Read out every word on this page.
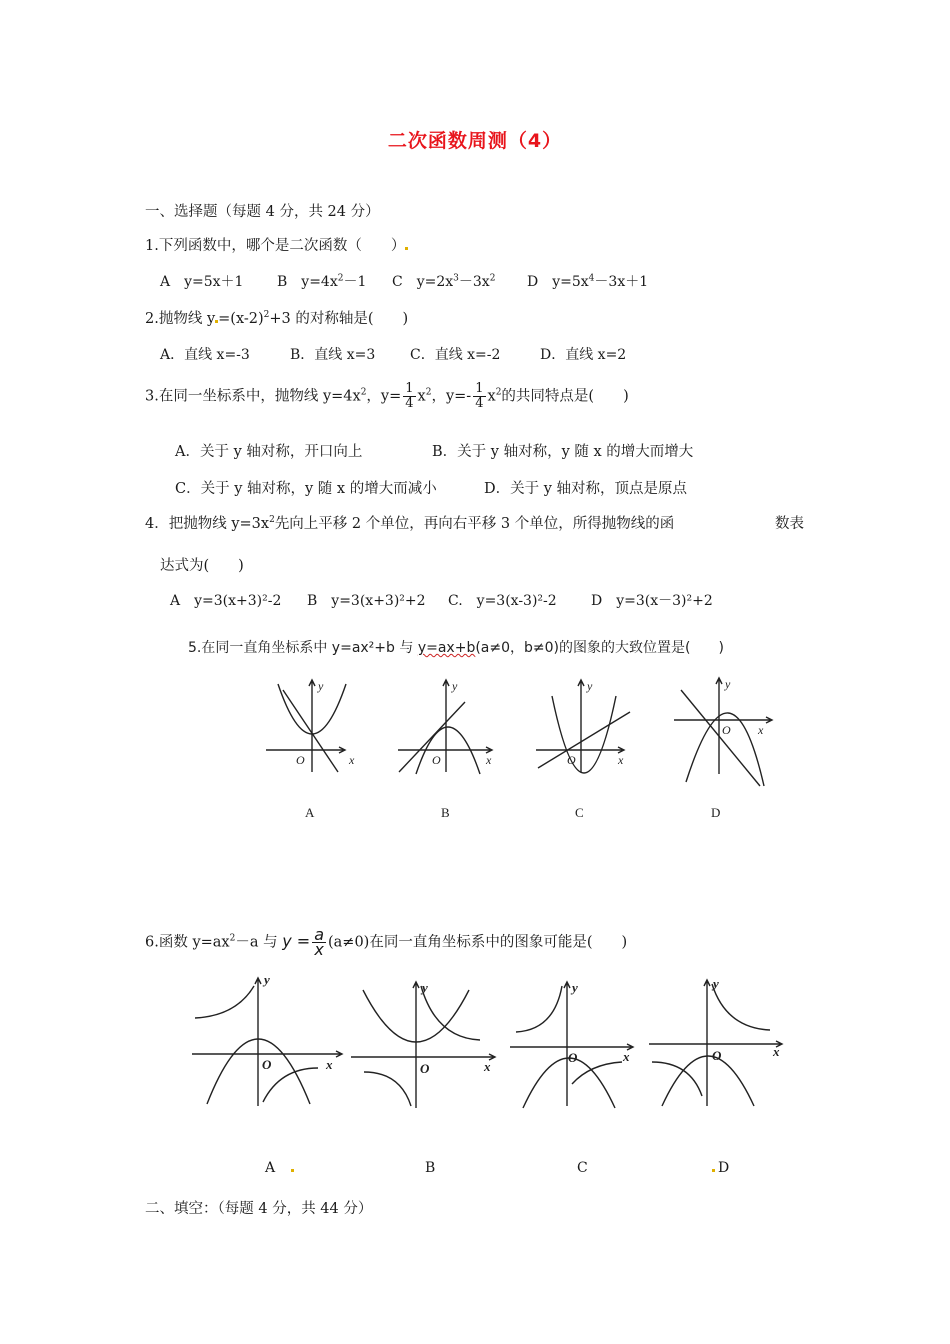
二次函数周测（4）
一、选择题（每题 4 分，共 24 分）
1.下列函数中，哪个是二次函数（　　）
A　y=5x＋1 B　$y=4x^2-1$ C　$y=2x^3-3x^2$ D　$y=5x^4-3x+1$
2.抛物线 $y =(x-2)^2+3$ 的对称轴是(　　)
A．直线 x=-3	B．直线 x=3 C．直线 x=-2	D．直线 x=2
3.在同一坐标系中，抛物线 $y=4x^2$，$y= \frac{1}{4} x^2$，$y=- \frac{1}{4} x^2$的共同特点是(　　)
A．关于 y 轴对称，开口向上	B．关于 y 轴对称，y 随 x 的增大而增大
C．关于 y 轴对称，y 随 x 的增大而减小	D．关于 y 轴对称，顶点是原点
4．把抛物线 $y=3x^2$先向上平移 2 个单位，再向右平移 3 个单位，所得抛物线的函	数表
达式为(　　)
A　y=3(x+3)²-2 B　y=3(x+3)²+2 C.　y=3(x-3)²-2 D　y=3(x－3)²+2
5.在同一直角坐标系中 y=ax²+b 与 y=ax+b(a≠0，b≠0)的图象的大致位置是(　　)
y
x
O
y
x
O
y
x
O
y
x
O
A	B	C	D
6.函数 $y=ax^2-a$ 与 $y = \frac{a}{x} (a\ne 0)$在同一直角坐标系中的图象可能是(　　)
y
x
O
y
x
O
y
x
O
y
x
O
A	B	C	D
二、填空：（每题 4 分，共 44 分）
